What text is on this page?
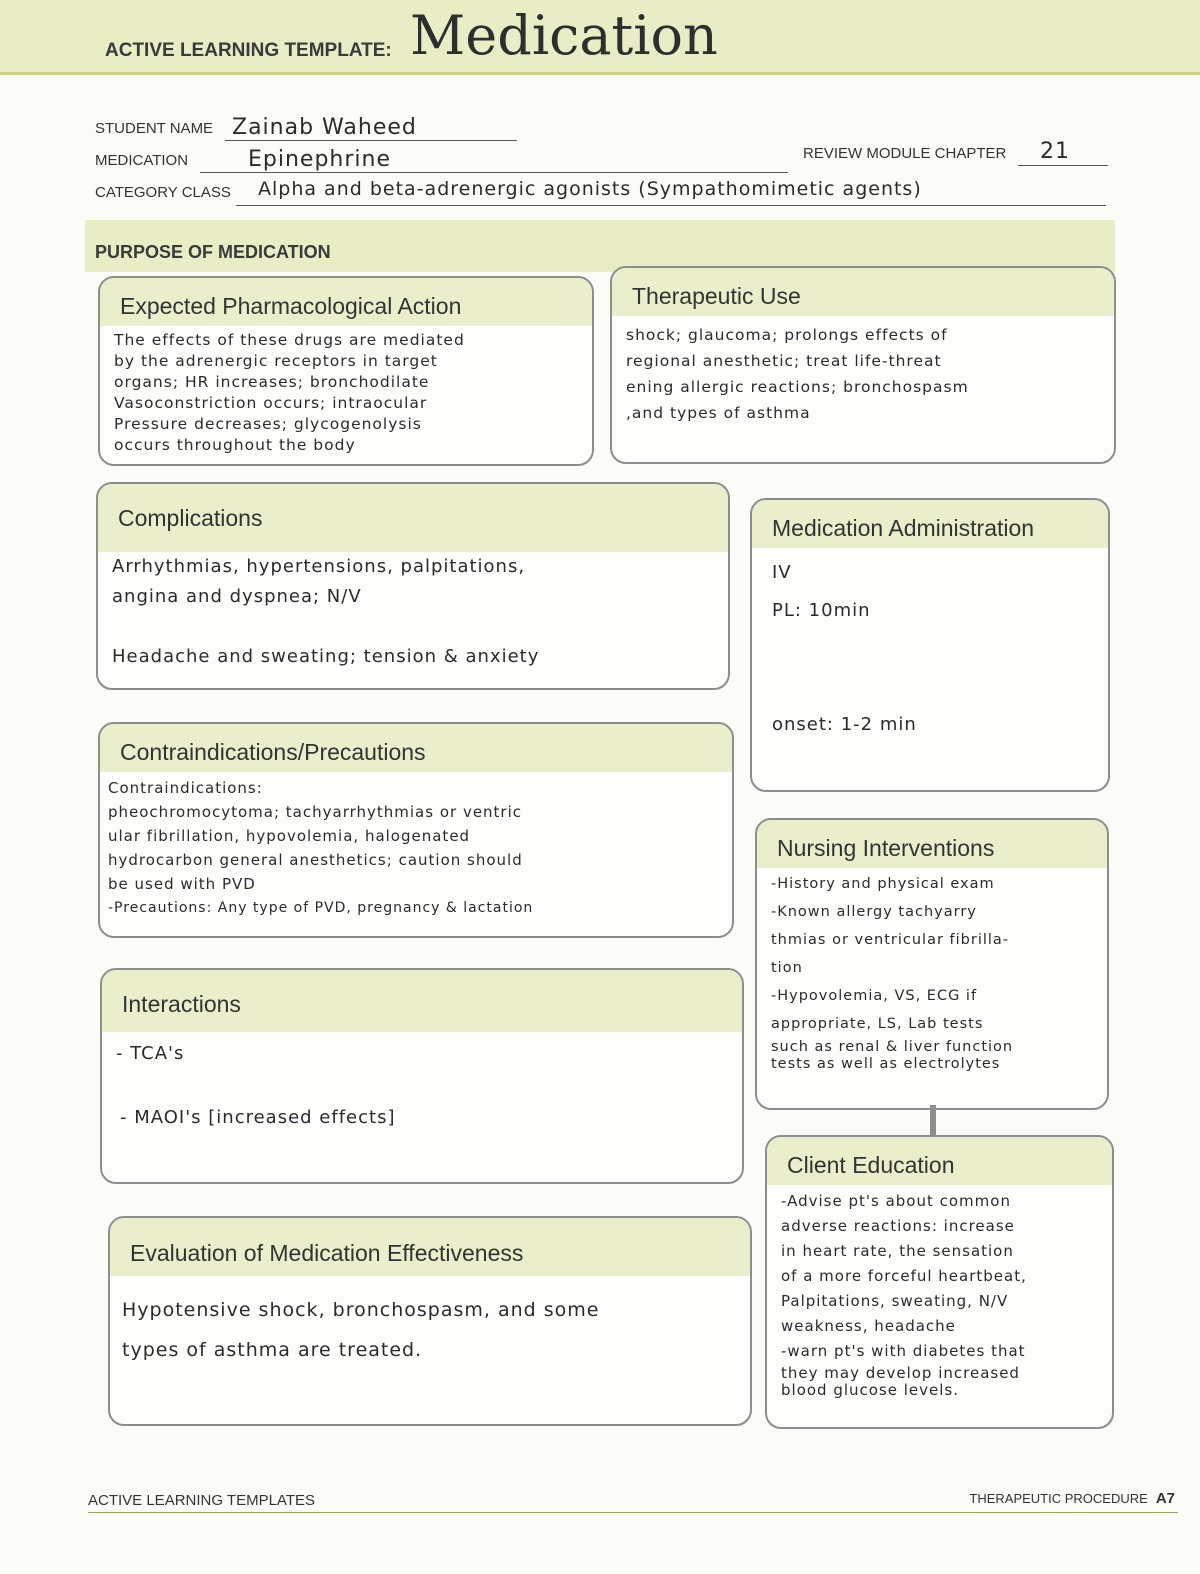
ACTIVE LEARNING TEMPLATE: Medication
STUDENT NAME Zainab Waheed
MEDICATION	Epinephrine	REVIEW MODULE CHAPTER 21
CATEGORY CLASS Alpha and beta-adrenergic agonists (Sympathomimetic agents)
PURPOSE OF MEDICATION
Expected Pharmacological Action
The effects of these drugs are mediated
by the adrenergic receptors in target
organs; HR increases; bronchodilate
Vasoconstriction occurs; intraocular
Pressure decreases; glycogenolysis
occurs throughout the body
Therapeutic Use
shock; glaucoma; prolongs effects of
regional anesthetic; treat life-threat
ening allergic reactions; bronchospasm
,and types of asthma
Complications
Arrhythmias, hypertensions, palpitations,
angina and dyspnea; N/V

Headache and sweating; tension & anxiety
Medication Administration
IV
PL: 10min

onset: 1-2 min
Contraindications/Precautions
Contraindications:
pheochromocytoma; tachyarrhythmias or ventric
ular fibrillation, hypovolemia, halogenated
hydrocarbon general anesthetics; caution should
be used with PVD
-Precautions: Any type of PVD, pregnancy & lactation
Nursing Interventions
-History and physical exam
-Known allergy tachyarry
thmias or ventricular fibrilla-
tion
-Hypovolemia, VS, ECG if
appropriate, LS, Lab tests
such as renal & liver function
tests as well as electrolytes
Interactions
- TCA's

- MAOI's [increased effects]
Client Education
-Advise pt's about common
adverse reactions: increase
in heart rate, the sensation
of a more forceful heartbeat,
Palpitations, sweating, N/V
weakness, headache
-warn pt's with diabetes that
they may develop increased
blood glucose levels.
Evaluation of Medication Effectiveness
Hypotensive shock, bronchospasm, and some
types of asthma are treated.
ACTIVE LEARNING TEMPLATES	THERAPEUTIC PROCEDURE A7
